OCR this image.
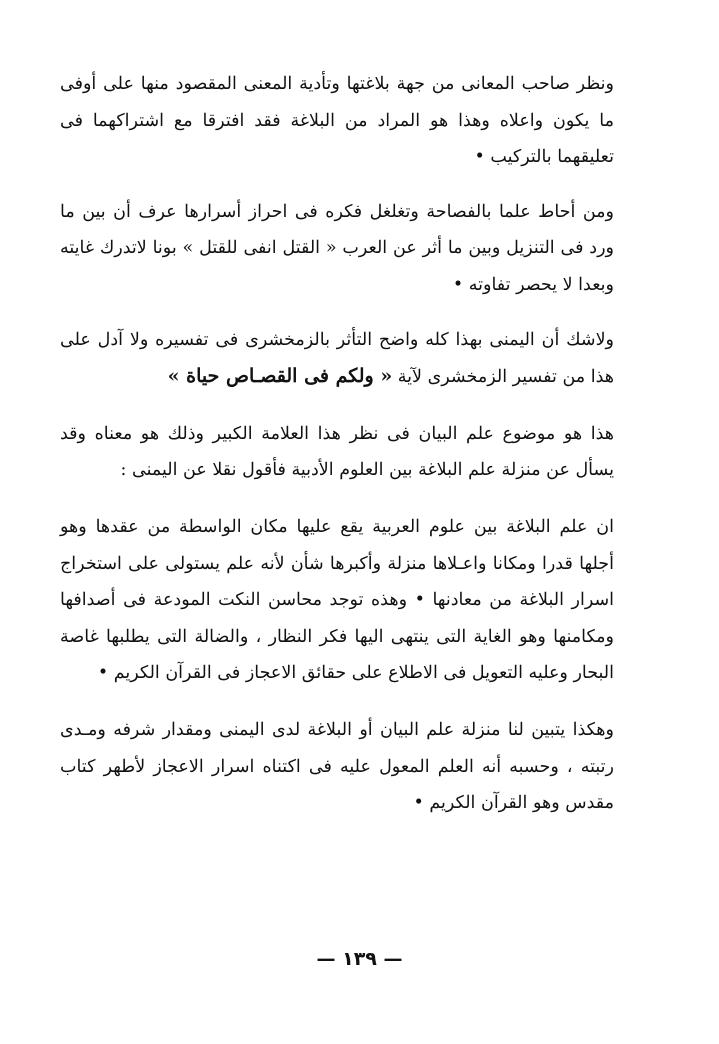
ونظر صاحب المعانى من جهة بلاغتها وتأدية المعنى المقصود منها على أوفى ما يكون واعلاه وهذا هو المراد من البلاغة فقد افترقا مع اشتراكهما فى تعليقهما بالتركيب •

ومن أحاط علما بالفصاحة وتغلغل فكره فى احراز أسرارها عرف أن بين ما ورد فى التنزيل وبين ما أثر عن العرب « القتل انفى للقتل » بونا لاتدرك غايته وبعدا لا يحصر تفاوته •

ولاشك أن اليمنى بهذا كله واضح التأثر بالزمخشرى فى تفسيره ولا آدل على هذا من تفسير الزمخشرى لآية « ولكم فى القصـاص حياة »

هذا هو موضوع علم البيان فى نظر هذا العلامة الكبير وذلك هو معناه وقد يسأل عن منزلة علم البلاغة بين العلوم الأدبية فأقول نقلا عن اليمنى :

ان علم البلاغة بين علوم العربية يقع عليها مكان الواسطة من عقدها وهو أجلها قدرا ومكانا واعـلاها منزلة وأكبرها شأن لأنه علم يستولى على استخراج اسرار البلاغة من معادنها • وهذه توجد محاسن النكت المودعة فى أصدافها ومكامنها وهو الغاية التى ينتهى اليها فكر النظار ، والضالة التى يطلبها غاصة البحار وعليه التعويل فى الاطلاع على حقائق الاعجاز فى القرآن الكريم •

وهكذا يتبين لنا منزلة علم البيان أو البلاغة لدى اليمنى ومقدار شرفه ومـدى رتبته ، وحسبه أنه العلم المعول عليه فى اكتناه اسرار الاعجاز لأطهر كتاب مقدس وهو القرآن الكريم •

— ١٣٩ —
